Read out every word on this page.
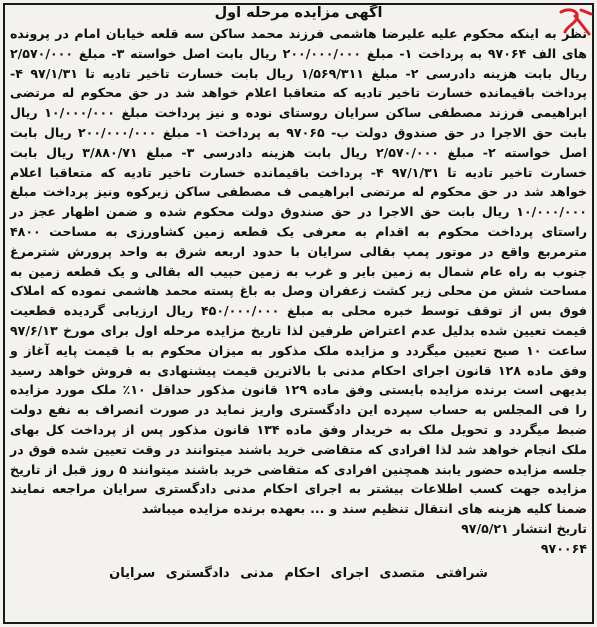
آگهی مزایده مرحله اول

نظر به اینکه محکوم علیه علیرضا هاشمی فرزند محمد ساکن سه قلعه خیابان امام در پرونده های الف ۹۷۰۶۴ به پرداخت ۱- مبلغ ۲۰۰/۰۰۰/۰۰۰ ریال بابت اصل خواسته ۳- مبلغ ۲/۵۷۰/۰۰۰ ریال بابت هزینه دادرسی ۲- مبلغ ۱/۵۶۹/۳۱۱ ریال بابت خسارت تاخیر تادیه تا ۹۷/۱/۳۱ ۴- پرداخت باقیمانده خسارت تاخیر تادیه که متعاقبا اعلام خواهد شد در حق محکوم له مرتضی ابراهیمی فرزند مصطفی ساکن سرایان روستای نوده و نیز پرداخت مبلغ ۱۰/۰۰۰/۰۰۰ ریال بابت حق الاجرا در حق صندوق دولت ب- ۹۷۰۶۵ به پرداخت ۱- مبلغ ۲۰۰/۰۰۰/۰۰۰ ریال بابت اصل خواسته ۲- مبلغ ۲/۵۷۰/۰۰۰ ریال بابت هزینه دادرسی ۳- مبلغ ۳/۸۸۰/۷۱ ریال بابت خسارت تاخیر تادیه تا ۹۷/۱/۳۱ ۴- پرداخت باقیمانده خسارت تاخیر تادیه که متعاقبا اعلام خواهد شد در حق محکوم له مرتضی ابراهیمی ف مصطفی ساکن زیرکوه ونیز پرداخت مبلغ ۱۰/۰۰۰/۰۰۰ ریال بابت حق الاجرا در حق صندوق دولت محکوم شده و ضمن اظهار عجز در راستای پرداخت محکوم به اقدام به معرفی یک قطعه زمین کشاورزی به مساحت ۴۸۰۰ مترمربع واقع در موتور پمپ بقالی سرایان با حدود اربعه شرق به واحد پرورش شترمرغ جنوب به راه عام شمال به زمین بایر و غرب به زمین حبیب اله بقالی و یک قطعه زمین به مساحت شش من محلی زیر کشت زعفران وصل به باغ پسته محمد هاشمی نموده که املاک فوق بس از توقف توسط خبره محلی به مبلغ ۴۵۰/۰۰۰/۰۰۰ ریال ارزیابی گردیده قطعیت قیمت تعیین شده بدلیل عدم اعتراض طرفین لذا تاریخ مزایده مرحله اول برای مورخ ۹۷/۶/۱۳ ساعت ۱۰ صبح تعیین میگردد و مزایده ملک مذکور به میزان محکوم به با قیمت پایه آغاز و وفق ماده ۱۲۸ قانون اجرای احکام مدنی با بالاترین قیمت پیشنهادی به فروش خواهد رسید بدیهی است برنده مزایده بایستی وفق ماده ۱۲۹ قانون مذکور حداقل ۱۰٪ ملک مورد مزایده را فی المجلس به حساب سپرده این دادگستری واریز نماید در صورت انصراف به نفع دولت ضبط میگردد و تحویل ملک به خریدار وفق ماده ۱۳۴ قانون مذکور پس از پرداخت کل بهای ملک انجام خواهد شد لذا افرادی که متقاضی خرید باشند میتوانند در وقت تعیین شده فوق در جلسه مزایده حضور یابند همچنین افرادی که متقاضی خرید باشند میتوانند ۵ روز قبل از تاریخ مزایده جهت کسب اطلاعات بیشتر به اجرای احکام مدنی دادگستری سرایان مراجعه نمایند ضمنا کلیه هزینه های انتقال تنظیم سند و ... بعهده برنده مزایده میباشد

تاریخ انتشار ۹۷/۵/۲۱

۹۷۰۰۶۴

شرافتی متصدی اجرای احکام مدنی دادگستری سرایان
